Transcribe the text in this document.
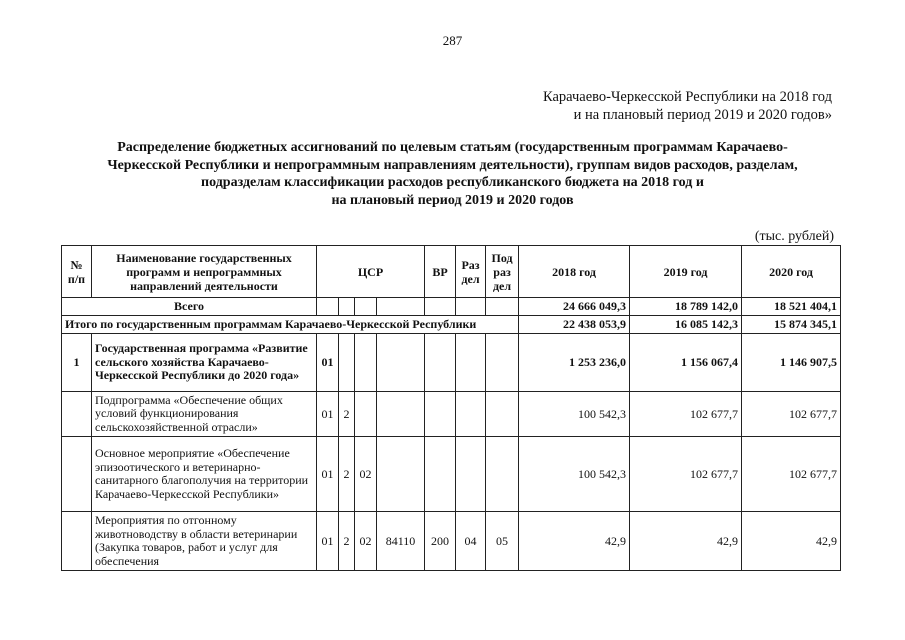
287
Карачаево-Черкесской Республики на 2018 год
и на плановый период 2019 и 2020 годов»
Распределение бюджетных ассигнований по целевым статьям (государственным программам Карачаево-
Черкесской Республики и непрограммным направлениям деятельности), группам видов расходов, разделам,
подразделам классификации расходов республиканского бюджета на 2018 год и
на плановый период 2019 и 2020 годов
(тыс. рублей)
№ п/п	Наименование государственных программ и непрограммных направлений деятельности	ЦСР				ВР	Раз дел	Под раз дел	2018 год	2019 год	2020 год
Всего									24 666 049,3	18 789 142,0	18 521 404,1
Итого по государственным программам Карачаево-Черкесской Республики									22 438 053,9	16 085 142,3	15 874 345,1
1	Государственная программа «Развитие сельского хозяйства Карачаево-Черкесской Республики до 2020 года»	01							1 253 236,0	1 156 067,4	1 146 907,5
	Подпрограмма «Обеспечение общих условий функционирования сельскохозяйственной отрасли»	01	2						100 542,3	102 677,7	102 677,7
	Основное мероприятие «Обеспечение эпизоотического и ветеринарно-санитарного благополучия на территории Карачаево-Черкесской Республики»	01	2	02					100 542,3	102 677,7	102 677,7
	Мероприятия по отгонному животноводству в области ветеринарии (Закупка товаров, работ и услуг для обеспечения	01	2	02	84110	200	04	05	42,9	42,9	42,9
